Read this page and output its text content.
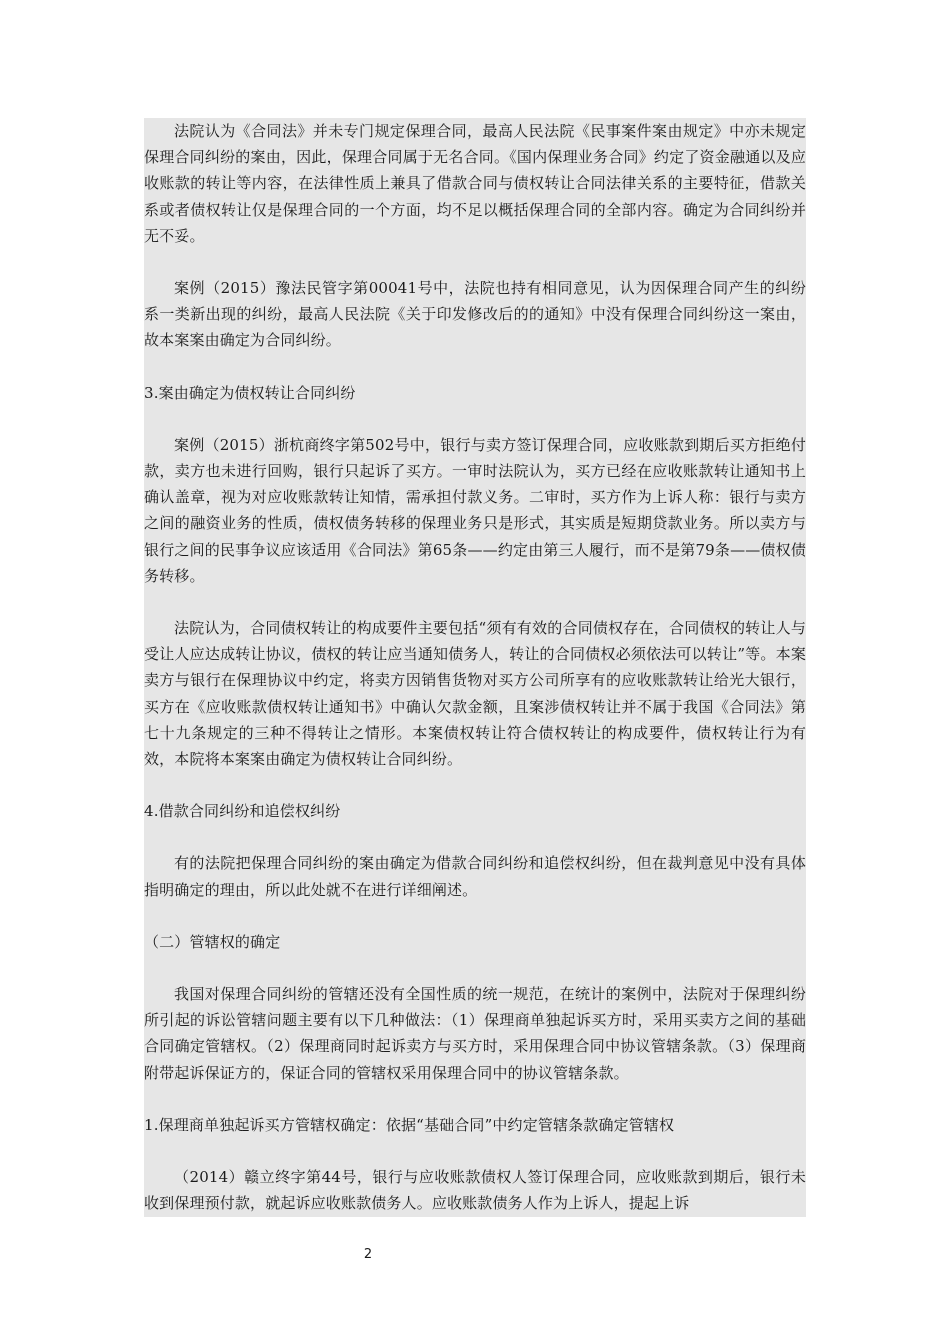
法院认为《合同法》并未专门规定保理合同，最高人民法院《民事案件案由规定》中亦未规定保理合同纠纷的案由，因此，保理合同属于无名合同。《国内保理业务合同》约定了资金融通以及应收账款的转让等内容，在法律性质上兼具了借款合同与债权转让合同法律关系的主要特征，借款关系或者债权转让仅是保理合同的一个方面，均不足以概括保理合同的全部内容。确定为合同纠纷并无不妥。

案例（2015）豫法民管字第00041号中，法院也持有相同意见，认为因保理合同产生的纠纷系一类新出现的纠纷，最高人民法院《关于印发修改后的的通知》中没有保理合同纠纷这一案由，故本案案由确定为合同纠纷。

3.案由确定为债权转让合同纠纷

案例（2015）浙杭商终字第502号中，银行与卖方签订保理合同，应收账款到期后买方拒绝付款，卖方也未进行回购，银行只起诉了买方。一审时法院认为，买方已经在应收账款转让通知书上确认盖章，视为对应收账款转让知情，需承担付款义务。二审时，买方作为上诉人称：银行与卖方之间的融资业务的性质，债权债务转移的保理业务只是形式，其实质是短期贷款业务。所以卖方与银行之间的民事争议应该适用《合同法》第65条——约定由第三人履行，而不是第79条——债权债务转移。

法院认为，合同债权转让的构成要件主要包括“须有有效的合同债权存在，合同债权的转让人与受让人应达成转让协议，债权的转让应当通知债务人，转让的合同债权必须依法可以转让”等。本案卖方与银行在保理协议中约定，将卖方因销售货物对买方公司所享有的应收账款转让给光大银行，买方在《应收账款债权转让通知书》中确认欠款金额，且案涉债权转让并不属于我国《合同法》第七十九条规定的三种不得转让之情形。本案债权转让符合债权转让的构成要件，债权转让行为有效，本院将本案案由确定为债权转让合同纠纷。

4.借款合同纠纷和追偿权纠纷

有的法院把保理合同纠纷的案由确定为借款合同纠纷和追偿权纠纷，但在裁判意见中没有具体指明确定的理由，所以此处就不在进行详细阐述。

（二）管辖权的确定

我国对保理合同纠纷的管辖还没有全国性质的统一规范，在统计的案例中，法院对于保理纠纷所引起的诉讼管辖问题主要有以下几种做法：（1）保理商单独起诉买方时，采用买卖方之间的基础合同确定管辖权。（2）保理商同时起诉卖方与买方时，采用保理合同中协议管辖条款。（3）保理商附带起诉保证方的，保证合同的管辖权采用保理合同中的协议管辖条款。

1.保理商单独起诉买方管辖权确定：依据“基础合同”中约定管辖条款确定管辖权

（2014）赣立终字第44号，银行与应收账款债权人签订保理合同，应收账款到期后，银行未收到保理预付款，就起诉应收账款债务人。应收账款债务人作为上诉人，提起上诉

2
